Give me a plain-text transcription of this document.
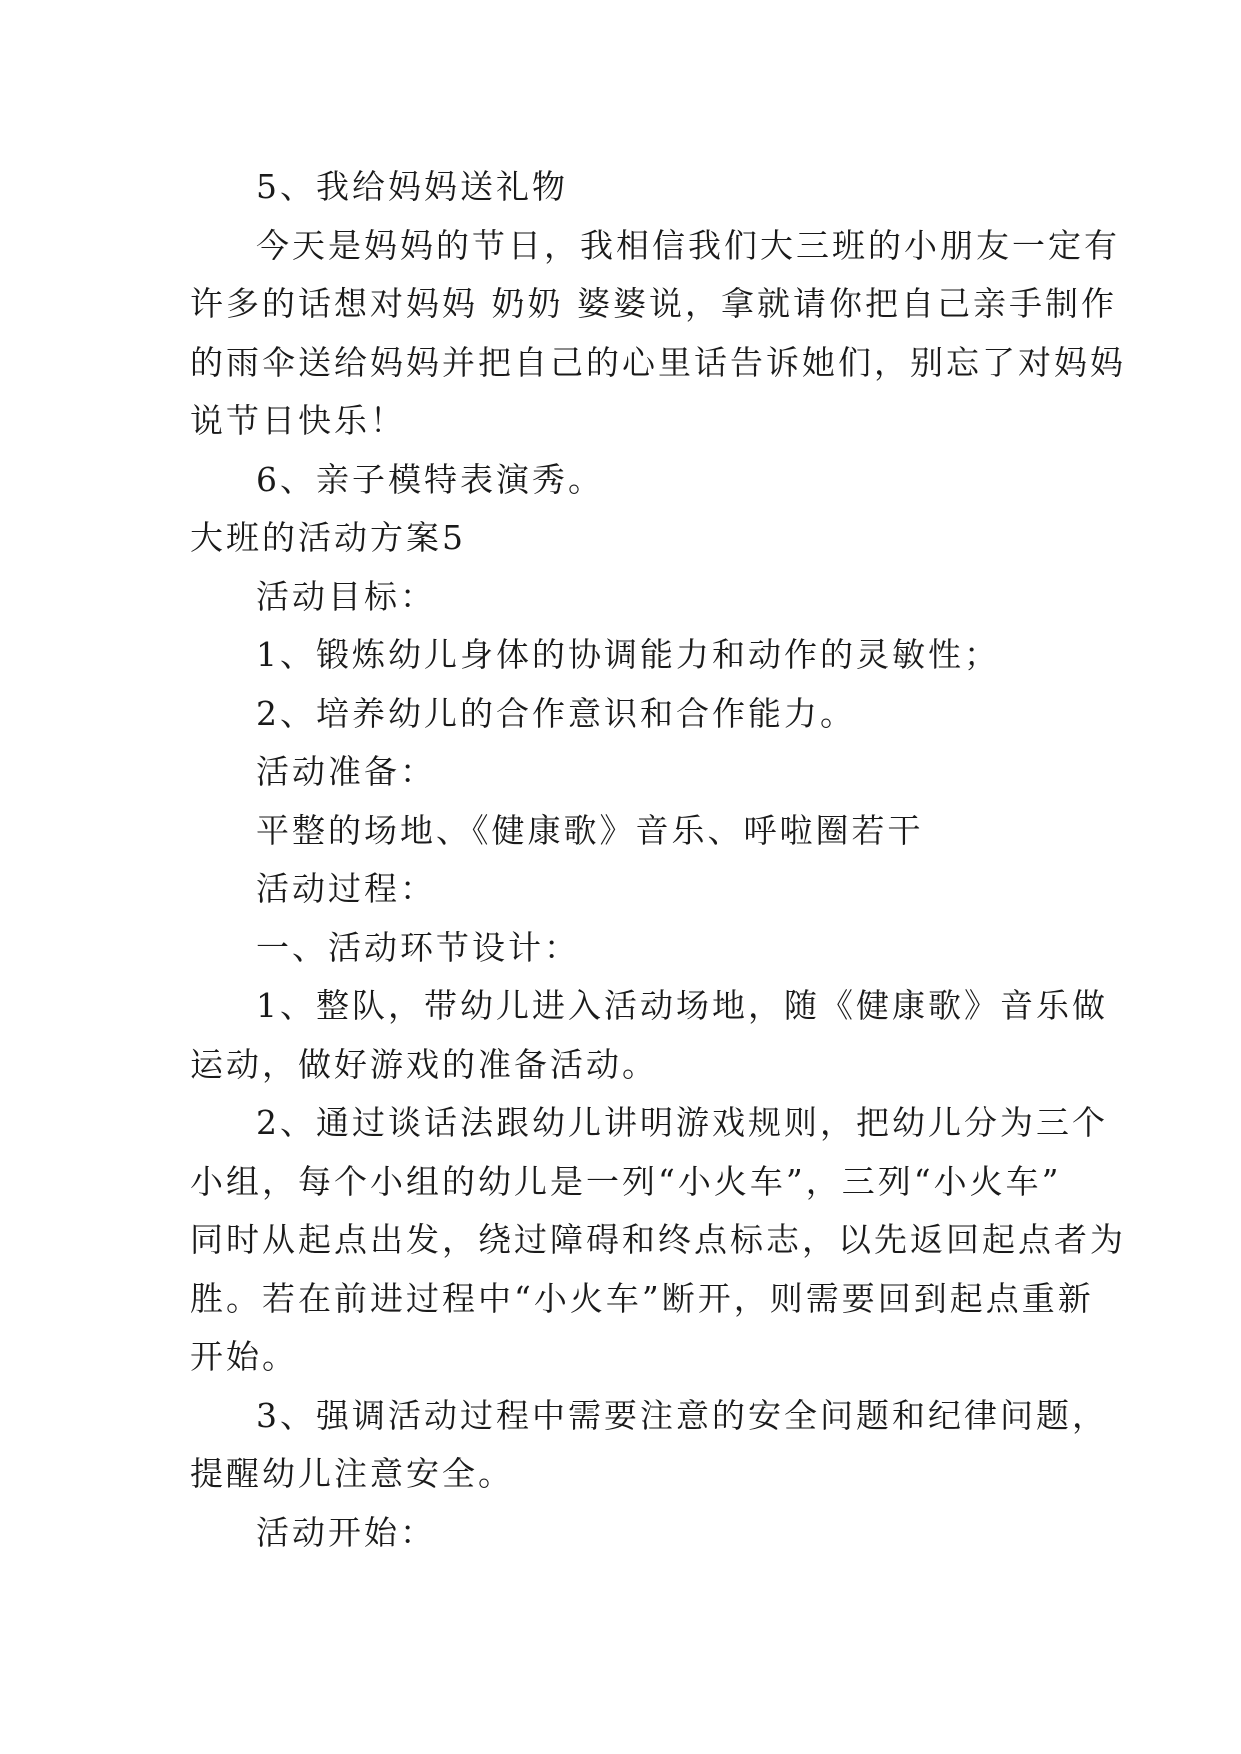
5、我给妈妈送礼物
今天是妈妈的节日，我相信我们大三班的小朋友一定有
许多的话想对妈妈 奶奶 婆婆说，拿就请你把自己亲手制作
的雨伞送给妈妈并把自己的心里话告诉她们，别忘了对妈妈
说节日快乐！
6、亲子模特表演秀。
大班的活动方案5
活动目标：
1、锻炼幼儿身体的协调能力和动作的灵敏性；
2、培养幼儿的合作意识和合作能力。
活动准备：
平整的场地、《健康歌》音乐、呼啦圈若干
活动过程：
一、活动环节设计：
1、整队，带幼儿进入活动场地，随《健康歌》音乐做
运动，做好游戏的准备活动。
2、通过谈话法跟幼儿讲明游戏规则，把幼儿分为三个
小组，每个小组的幼儿是一列“小火车”，三列“小火车”
同时从起点出发，绕过障碍和终点标志，以先返回起点者为
胜。若在前进过程中“小火车”断开，则需要回到起点重新
开始。
3、强调活动过程中需要注意的安全问题和纪律问题，
提醒幼儿注意安全。
活动开始：
